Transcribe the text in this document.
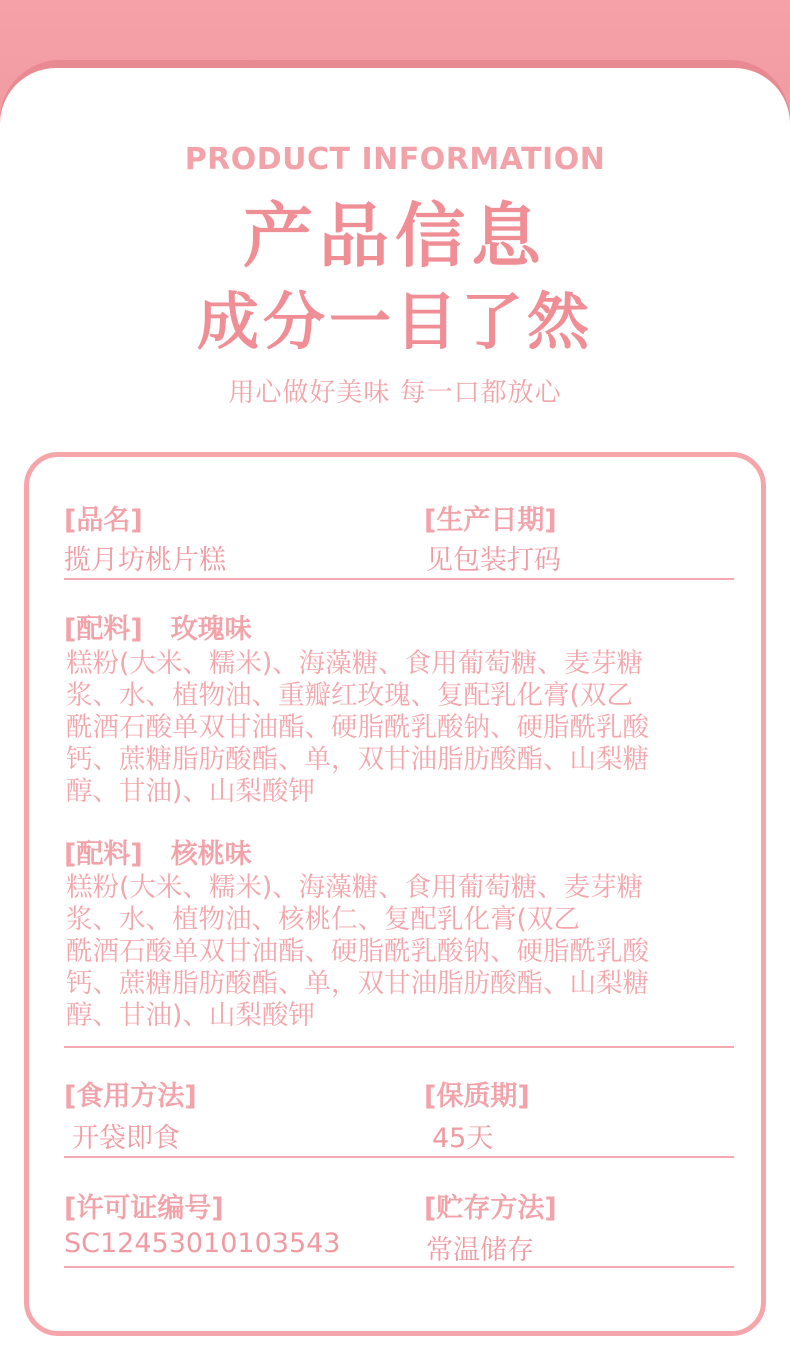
PRODUCT INFORMATION
产品信息
成分一目了然
用心做好美味 每一口都放心
[品名]
揽月坊桃片糕
[生产日期]
见包装打码
[配料] 玫瑰味
糕粉(大米、糯米)、海藻糖、食用葡萄糖、麦芽糖
浆、水、植物油、重瓣红玫瑰、复配乳化膏(双乙
酰酒石酸单双甘油酯、硬脂酰乳酸钠、硬脂酰乳酸
钙、蔗糖脂肪酸酯、单，双甘油脂肪酸酯、山梨糖
醇、甘油)、山梨酸钾
[配料] 核桃味
糕粉(大米、糯米)、海藻糖、食用葡萄糖、麦芽糖
浆、水、植物油、核桃仁、复配乳化膏(双乙
酰酒石酸单双甘油酯、硬脂酰乳酸钠、硬脂酰乳酸
钙、蔗糖脂肪酸酯、单，双甘油脂肪酸酯、山梨糖
醇、甘油)、山梨酸钾
[食用方法]
开袋即食
[保质期]
45天
[许可证编号]
SC12453010103543
[贮存方法]
常温储存
